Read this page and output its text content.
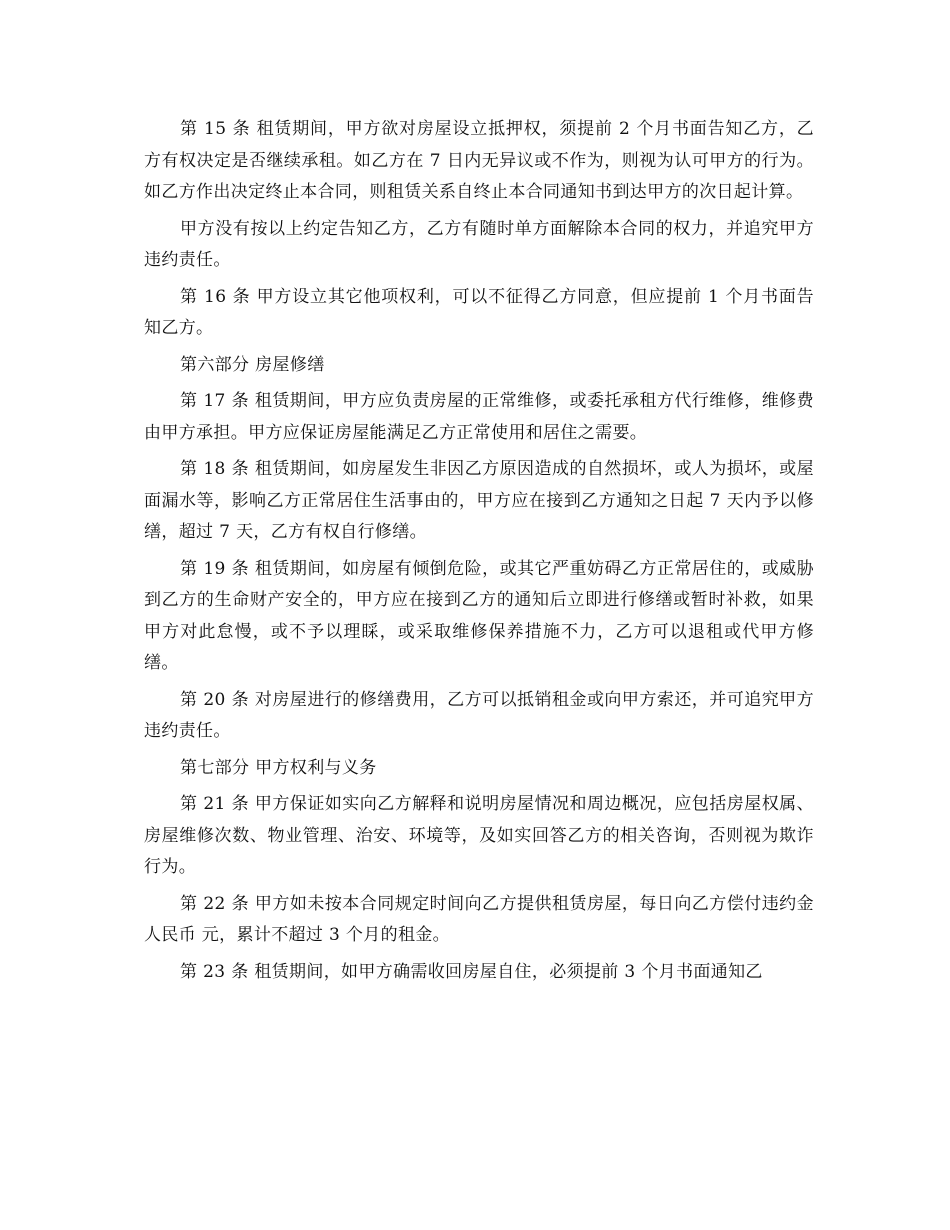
第 15 条 租赁期间，甲方欲对房屋设立抵押权，须提前 2 个月书面告知乙方，乙方有权决定是否继续承租。如乙方在 7 日内无异议或不作为，则视为认可甲方的行为。如乙方作出决定终止本合同，则租赁关系自终止本合同通知书到达甲方的次日起计算。

甲方没有按以上约定告知乙方，乙方有随时单方面解除本合同的权力，并追究甲方违约责任。

第 16 条 甲方设立其它他项权利，可以不征得乙方同意，但应提前 1 个月书面告知乙方。

第六部分 房屋修缮

第 17 条 租赁期间，甲方应负责房屋的正常维修，或委托承租方代行维修，维修费由甲方承担。甲方应保证房屋能满足乙方正常使用和居住之需要。

第 18 条 租赁期间，如房屋发生非因乙方原因造成的自然损坏，或人为损坏，或屋面漏水等，影响乙方正常居住生活事由的，甲方应在接到乙方通知之日起 7 天内予以修缮，超过 7 天，乙方有权自行修缮。

第 19 条 租赁期间，如房屋有倾倒危险，或其它严重妨碍乙方正常居住的，或威胁到乙方的生命财产安全的，甲方应在接到乙方的通知后立即进行修缮或暂时补救，如果甲方对此怠慢，或不予以理睬，或采取维修保养措施不力，乙方可以退租或代甲方修缮。

第 20 条 对房屋进行的修缮费用，乙方可以抵销租金或向甲方索还，并可追究甲方违约责任。

第七部分 甲方权利与义务

第 21 条 甲方保证如实向乙方解释和说明房屋情况和周边概况，应包括房屋权属、房屋维修次数、物业管理、治安、环境等，及如实回答乙方的相关咨询，否则视为欺诈行为。

第 22 条 甲方如未按本合同规定时间向乙方提供租赁房屋，每日向乙方偿付违约金人民币 元，累计不超过 3 个月的租金。

第 23 条 租赁期间，如甲方确需收回房屋自住，必须提前 3 个月书面通知乙
